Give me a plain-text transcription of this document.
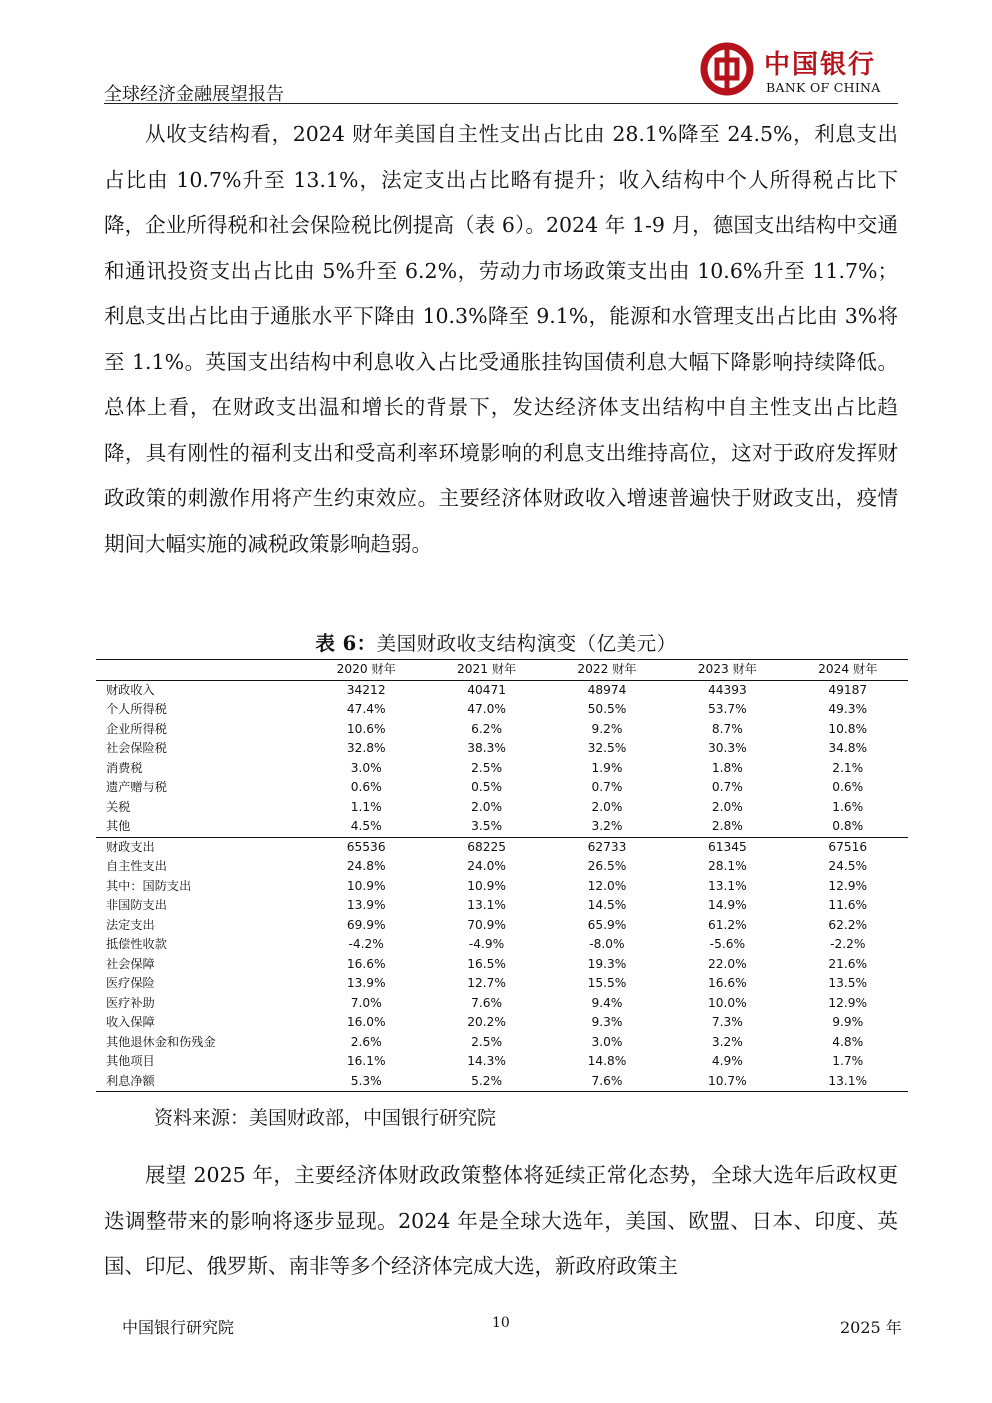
全球经济金融展望报告
中国银行
BANK OF CHINA

从收支结构看，2024 财年美国自主性支出占比由 28.1%降至 24.5%，利息支出占比由 10.7%升至 13.1%，法定支出占比略有提升；收入结构中个人所得税占比下降，企业所得税和社会保险税比例提高（表 6）。2024 年 1-9 月，德国支出结构中交通和通讯投资支出占比由 5%升至 6.2%，劳动力市场政策支出由 10.6%升至 11.7%；利息支出占比由于通胀水平下降由 10.3%降至 9.1%，能源和水管理支出占比由 3%将至 1.1%。英国支出结构中利息收入占比受通胀挂钩国债利息大幅下降影响持续降低。总体上看，在财政支出温和增长的背景下，发达经济体支出结构中自主性支出占比趋降，具有刚性的福利支出和受高利率环境影响的利息支出维持高位，这对于政府发挥财政政策的刺激作用将产生约束效应。主要经济体财政收入增速普遍快于财政支出，疫情期间大幅实施的减税政策影响趋弱。

表 6：美国财政收支结构演变（亿美元）
	2020 财年	2021 财年	2022 财年	2023 财年	2024 财年
财政收入	34212	40471	48974	44393	49187
个人所得税	47.4%	47.0%	50.5%	53.7%	49.3%
企业所得税	10.6%	6.2%	9.2%	8.7%	10.8%
社会保险税	32.8%	38.3%	32.5%	30.3%	34.8%
消费税	3.0%	2.5%	1.9%	1.8%	2.1%
遗产赠与税	0.6%	0.5%	0.7%	0.7%	0.6%
关税	1.1%	2.0%	2.0%	2.0%	1.6%
其他	4.5%	3.5%	3.2%	2.8%	0.8%
财政支出	65536	68225	62733	61345	67516
自主性支出	24.8%	24.0%	26.5%	28.1%	24.5%
其中：国防支出	10.9%	10.9%	12.0%	13.1%	12.9%
非国防支出	13.9%	13.1%	14.5%	14.9%	11.6%
法定支出	69.9%	70.9%	65.9%	61.2%	62.2%
抵偿性收款	-4.2%	-4.9%	-8.0%	-5.6%	-2.2%
社会保障	16.6%	16.5%	19.3%	22.0%	21.6%
医疗保险	13.9%	12.7%	15.5%	16.6%	13.5%
医疗补助	7.0%	7.6%	9.4%	10.0%	12.9%
收入保障	16.0%	20.2%	9.3%	7.3%	9.9%
其他退休金和伤残金	2.6%	2.5%	3.0%	3.2%	4.8%
其他项目	16.1%	14.3%	14.8%	4.9%	1.7%
利息净额	5.3%	5.2%	7.6%	10.7%	13.1%
资料来源：美国财政部，中国银行研究院

展望 2025 年，主要经济体财政政策整体将延续正常化态势，全球大选年后政权更迭调整带来的影响将逐步显现。2024 年是全球大选年，美国、欧盟、日本、印度、英国、印尼、俄罗斯、南非等多个经济体完成大选，新政府政策主

中国银行研究院	10	2025 年
